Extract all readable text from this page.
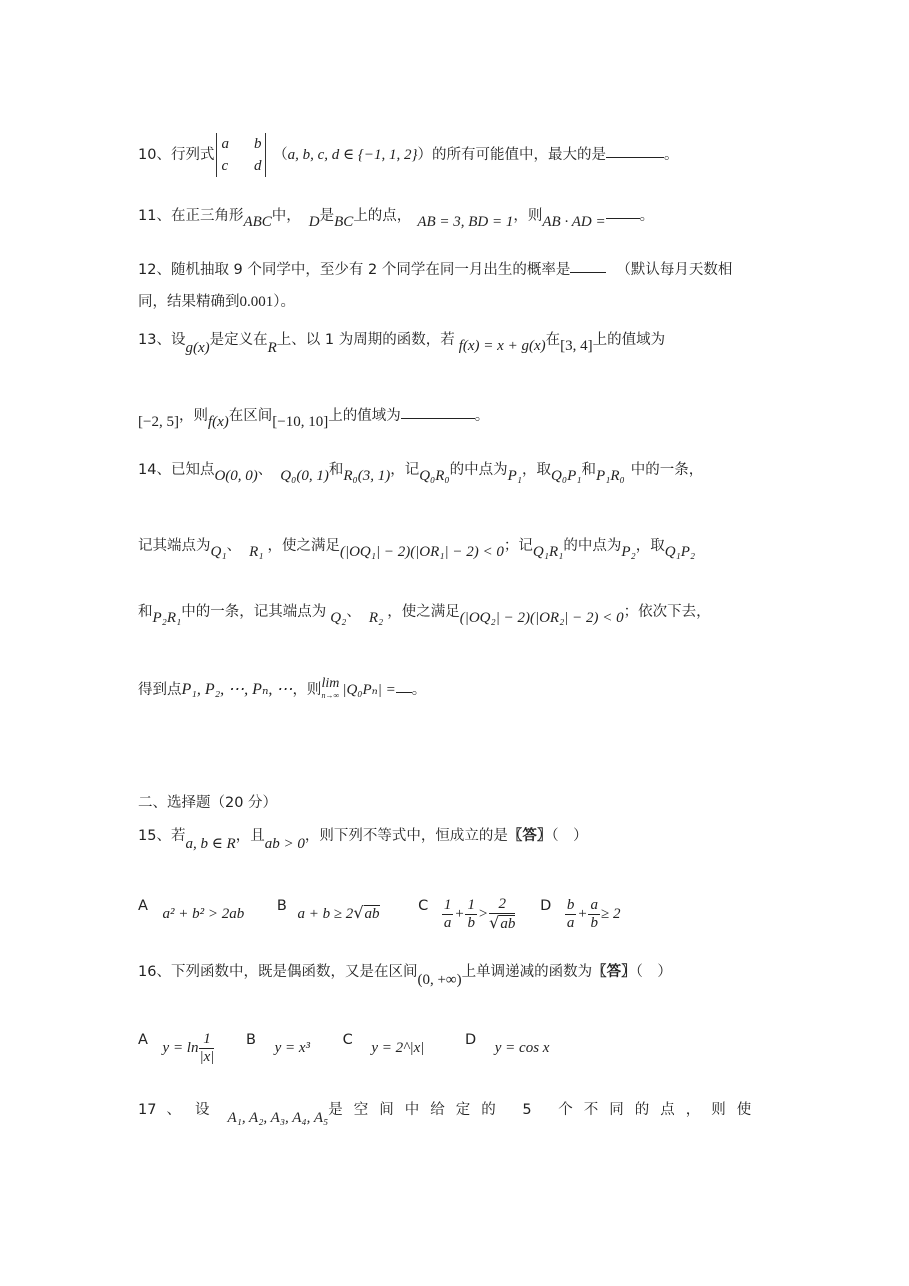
10、行列式
a b
c d
（a, b, c, d ∈ {−1, 1, 2}）的所有可能值中，最大的是	。
11、在正三角形ABC中， D是BC上的点， AB = 3, BD = 1，则AB · AD = 。
12、随机抽取 9 个同学中，至少有 2 个同学在同一月出生的概率是	（默认每月天数相
同，结果精确到0.001）。
13、设g(x)是定义在R上、以 1 为周期的函数，若 f(x) = x + g(x)在[3, 4]上的值域为
[−2, 5]，则f(x)在区间[−10, 10]上的值域为	。
14、已知点O(0, 0)、 Q₀(0, 1)和R₀(3, 1)，记Q₀R₀的中点为P₁，取Q₀P₁和P₁R₀ 中的一条，
记其端点为Q₁、 R₁ ，使之满足(|OQ₁| − 2)(|OR₁| − 2) < 0；记Q₁R₁的中点为P₂，取Q₁P₂
和P₂R₁中的一条，记其端点为 Q₂、 R₂ ，使之满足(|OQ₂| − 2)(|OR₂| − 2) < 0；依次下去，
得到点P₁, P₂, ⋯, Pₙ, ⋯，则 lim
n→∞ |Q₀Pₙ| = 。
二、选择题（20 分）
15、若a, b ∈ R，且ab > 0，则下列不等式中，恒成立的是〖答〗（　）
A a² + b² > 2ab B a + b ≥ 2√ab	C $\frac{1}{a} + \frac{1}{b} > \frac{2}{√ab}$ D $\frac{b}{a} + \frac{a}{b} \ge 2$
16、下列函数中，既是偶函数，又是在区间(0, +∞)上单调递减的函数为〖答〗（　）
A $y = \ln \frac{1}{|x|}$ B y = x³ C y = 2^|x|	D y = cos x
17 、 设 A₁, A₂, A₃, A₄, A₅是空间中给定的 5 个不同的点，则使
